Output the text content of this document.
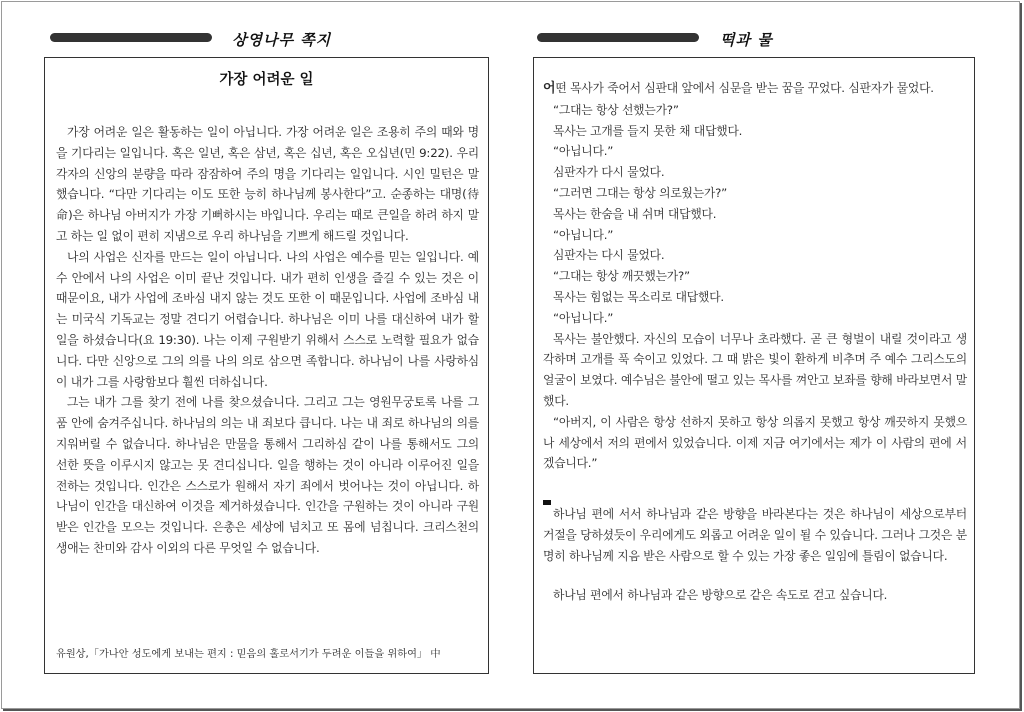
상영나무 쪽지	떡과 물
가장 어려운 일

가장 어려운 일은 활동하는 일이 아닙니다. 가장 어려운 일은 조용히 주의 때와 명을 기다리는 일입니다. 혹은 일년, 혹은 삼년, 혹은 십년, 혹은 오십년(민 9:22). 우리 각자의 신앙의 분량을 따라 잠잠하여 주의 명을 기다리는 일입니다. 시인 밀턴은 말했습니다. “다만 기다리는 이도 또한 능히 하나님께 봉사한다”고. 순종하는 대명(待命)은 하나님 아버지가 가장 기뻐하시는 바입니다. 우리는 때로 큰일을 하려 하지 말고 하는 일 없이 편히 지냄으로 우리 하나님을 기쁘게 해드릴 것입니다.

나의 사업은 신자를 만드는 일이 아닙니다. 나의 사업은 예수를 믿는 일입니다. 예수 안에서 나의 사업은 이미 끝난 것입니다. 내가 편히 인생을 즐길 수 있는 것은 이 때문이요, 내가 사업에 조바심 내지 않는 것도 또한 이 때문입니다. 사업에 조바심 내는 미국식 기독교는 정말 견디기 어렵습니다. 하나님은 이미 나를 대신하여 내가 할 일을 하셨습니다(요 19:30). 나는 이제 구원받기 위해서 스스로 노력할 필요가 없습니다. 다만 신앙으로 그의 의를 나의 의로 삼으면 족합니다. 하나님이 나를 사랑하심이 내가 그를 사랑함보다 훨씬 더하십니다.

그는 내가 그를 찾기 전에 나를 찾으셨습니다. 그리고 그는 영원무궁토록 나를 그 품 안에 숨겨주십니다. 하나님의 의는 내 죄보다 큽니다. 나는 내 죄로 하나님의 의를 지워버릴 수 없습니다. 하나님은 만물을 통해서 그리하심 같이 나를 통해서도 그의 선한 뜻을 이루시지 않고는 못 견디십니다. 일을 행하는 것이 아니라 이루어진 일을 전하는 것입니다. 인간은 스스로가 원해서 자기 죄에서 벗어나는 것이 아닙니다. 하나님이 인간을 대신하여 이것을 제거하셨습니다. 인간을 구원하는 것이 아니라 구원받은 인간을 모으는 것입니다. 은총은 세상에 넘치고 또 몸에 넘칩니다. 크리스천의 생애는 찬미와 감사 이외의 다른 무엇일 수 없습니다.

유원상,「가나안 성도에게 보내는 편지 : 믿음의 홀로서기가 두려운 이들을 위하여」 中

어떤 목사가 죽어서 심판대 앞에서 심문을 받는 꿈을 꾸었다. 심판자가 물었다.

“그대는 항상 선했는가?”

목사는 고개를 들지 못한 채 대답했다.

“아닙니다.”

심판자가 다시 물었다.

“그러면 그대는 항상 의로웠는가?”

목사는 한숨을 내 쉬며 대답했다.

“아닙니다.”

심판자는 다시 물었다.

“그대는 항상 깨끗했는가?”

목사는 힘없는 목소리로 대답했다.

“아닙니다.”

목사는 불안했다. 자신의 모습이 너무나 초라했다. 곧 큰 형벌이 내릴 것이라고 생각하며 고개를 푹 숙이고 있었다. 그 때 밝은 빛이 환하게 비추며 주 예수 그리스도의 얼굴이 보였다. 예수님은 불안에 떨고 있는 목사를 껴안고 보좌를 향해 바라보면서 말했다.

“아버지, 이 사람은 항상 선하지 못하고 항상 의롭지 못했고 항상 깨끗하지 못했으나 세상에서 저의 편에서 있었습니다. 이제 지금 여기에서는 제가 이 사람의 편에 서겠습니다.”

하나님 편에 서서 하나님과 같은 방향을 바라본다는 것은 하나님이 세상으로부터 거절을 당하셨듯이 우리에게도 외롭고 어려운 일이 될 수 있습니다. 그러나 그것은 분명히 하나님께 지음 받은 사람으로 할 수 있는 가장 좋은 일임에 틀림이 없습니다.

하나님 편에서 하나님과 같은 방향으로 같은 속도로 걷고 싶습니다.
